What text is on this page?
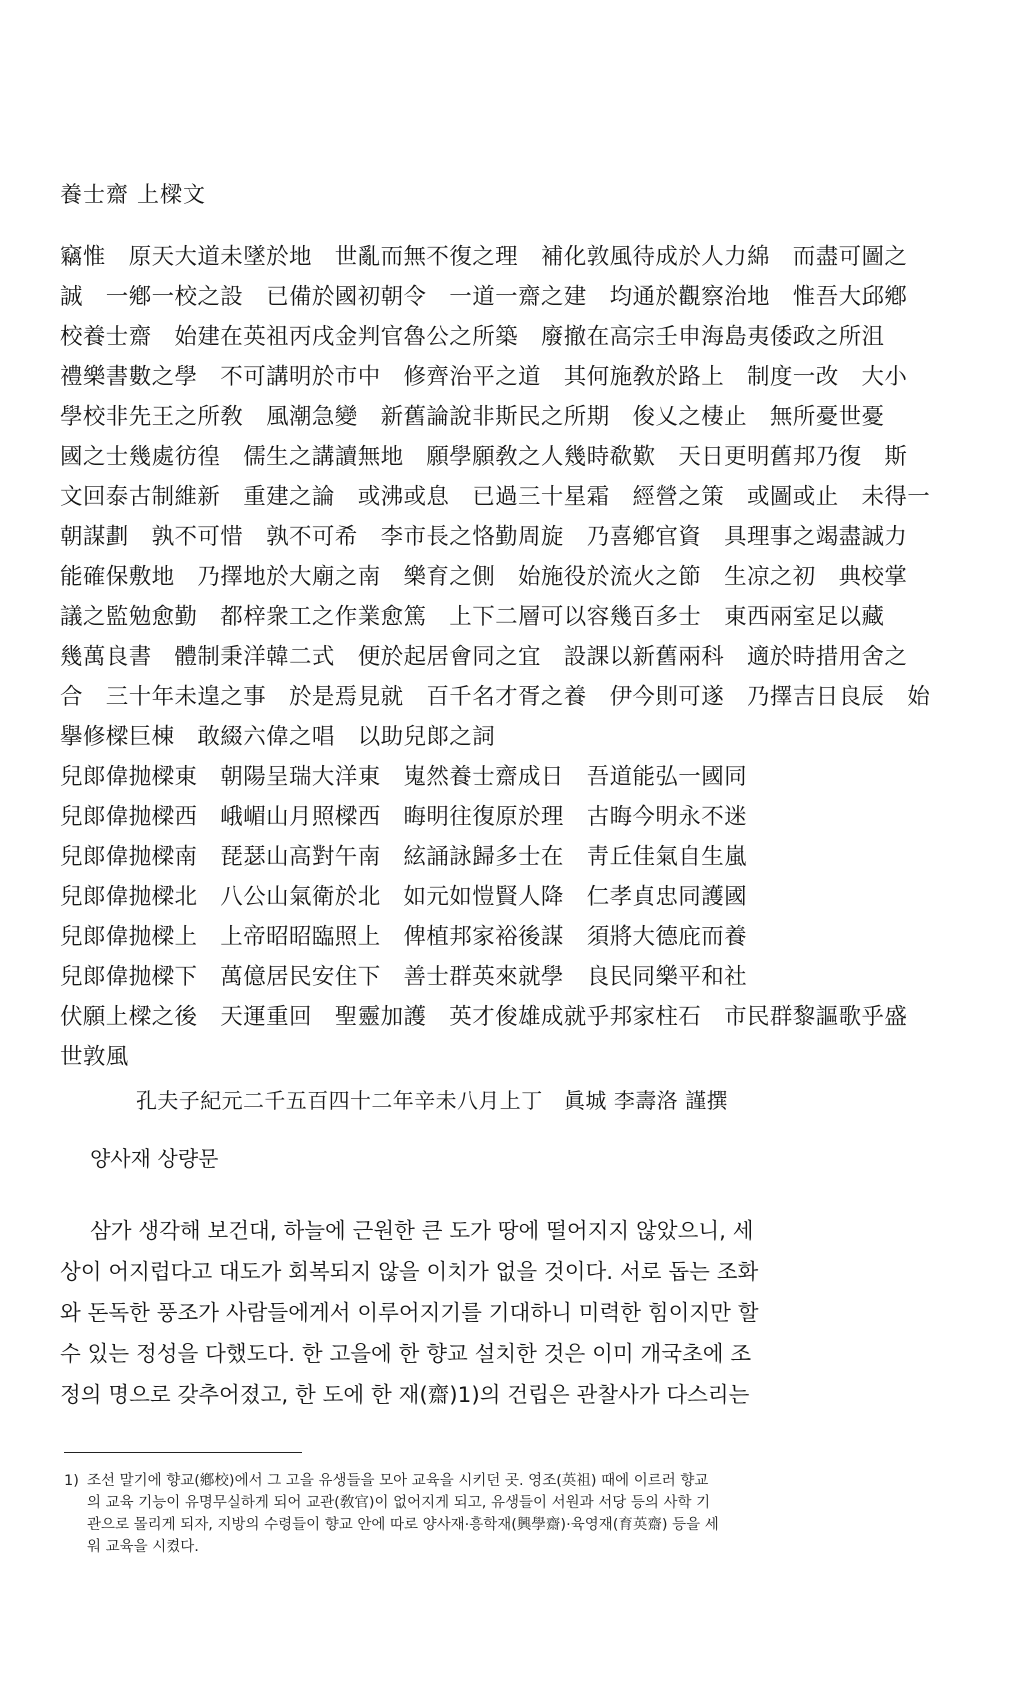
養士齋 上樑文

竊惟　原天大道未墜於地　世亂而無不復之理　補化敦風待成於人力綿　而盡可圖之

誠　一鄕一校之設　已備於國初朝令　一道一齋之建　均通於觀察治地　惟吾大邱鄕

校養士齋　始建在英祖丙戌金判官魯公之所築　廢撤在高宗壬申海島夷倭政之所沮

禮樂書數之學　不可講明於市中　修齊治平之道　其何施敎於路上　制度一改　大小

學校非先王之所敎　風潮急變　新舊論說非斯民之所期　俊乂之棲止　無所憂世憂

國之士幾處彷徨　儒生之講讀無地　願學願敎之人幾時欷歎　天日更明舊邦乃復　斯

文回泰古制維新　重建之論　或沸或息　已過三十星霜　經營之策　或圖或止　未得一

朝謀劃　孰不可惜　孰不可希　李市長之恪勤周旋　乃喜鄕官資　具理事之竭盡誠力

能確保敷地　乃擇地於大廟之南　樂育之側　始施役於流火之節　生凉之初　典校掌

議之監勉愈勤　都梓衆工之作業愈篤　上下二層可以容幾百多士　東西兩室足以藏

幾萬良書　體制秉洋韓二式　便於起居會同之宜　設課以新舊兩科　適於時措用舍之

合　三十年未遑之事　於是焉見就　百千名才胥之養　伊今則可遂　乃擇吉日良辰　始

擧修樑巨棟　敢綴六偉之唱　以助兒郞之詞

兒郞偉抛樑東　朝陽呈瑞大洋東　嵬然養士齋成日　吾道能弘一國同

兒郞偉抛樑西　峨嵋山月照樑西　晦明往復原於理　古晦今明永不迷

兒郞偉抛樑南　琵瑟山高對午南　絃誦詠歸多士在　靑丘佳氣自生嵐

兒郞偉抛樑北　八公山氣衛於北　如元如愷賢人降　仁孝貞忠同護國

兒郞偉抛樑上　上帝昭昭臨照上　俾植邦家裕後謀　須將大德庇而養

兒郞偉抛樑下　萬億居民安住下　善士群英來就學　良民同樂平和社

伏願上樑之後　天運重回　聖靈加護　英才俊雄成就乎邦家柱石　市民群黎謳歌乎盛

世敦風

孔夫子紀元二千五百四十二年辛未八月上丁　眞城 李壽洛 謹撰
양사재 상량문

삼가 생각해 보건대, 하늘에 근원한 큰 도가 땅에 떨어지지 않았으니, 세

상이 어지럽다고 대도가 회복되지 않을 이치가 없을 것이다. 서로 돕는 조화

와 돈독한 풍조가 사람들에게서 이루어지기를 기대하니 미력한 힘이지만 할

수 있는 정성을 다했도다. 한 고을에 한 향교 설치한 것은 이미 개국초에 조

정의 명으로 갖추어졌고, 한 도에 한 재(齋)1)의 건립은 관찰사가 다스리는

1) 조선 말기에 향교(鄕校)에서 그 고을 유생들을 모아 교육을 시키던 곳. 영조(英祖) 때에 이르러 향교

의 교육 기능이 유명무실하게 되어 교관(敎官)이 없어지게 되고, 유생들이 서원과 서당 등의 사학 기

관으로 몰리게 되자, 지방의 수령들이 향교 안에 따로 양사재·흥학재(興學齋)·육영재(育英齋) 등을 세

워 교육을 시켰다.
